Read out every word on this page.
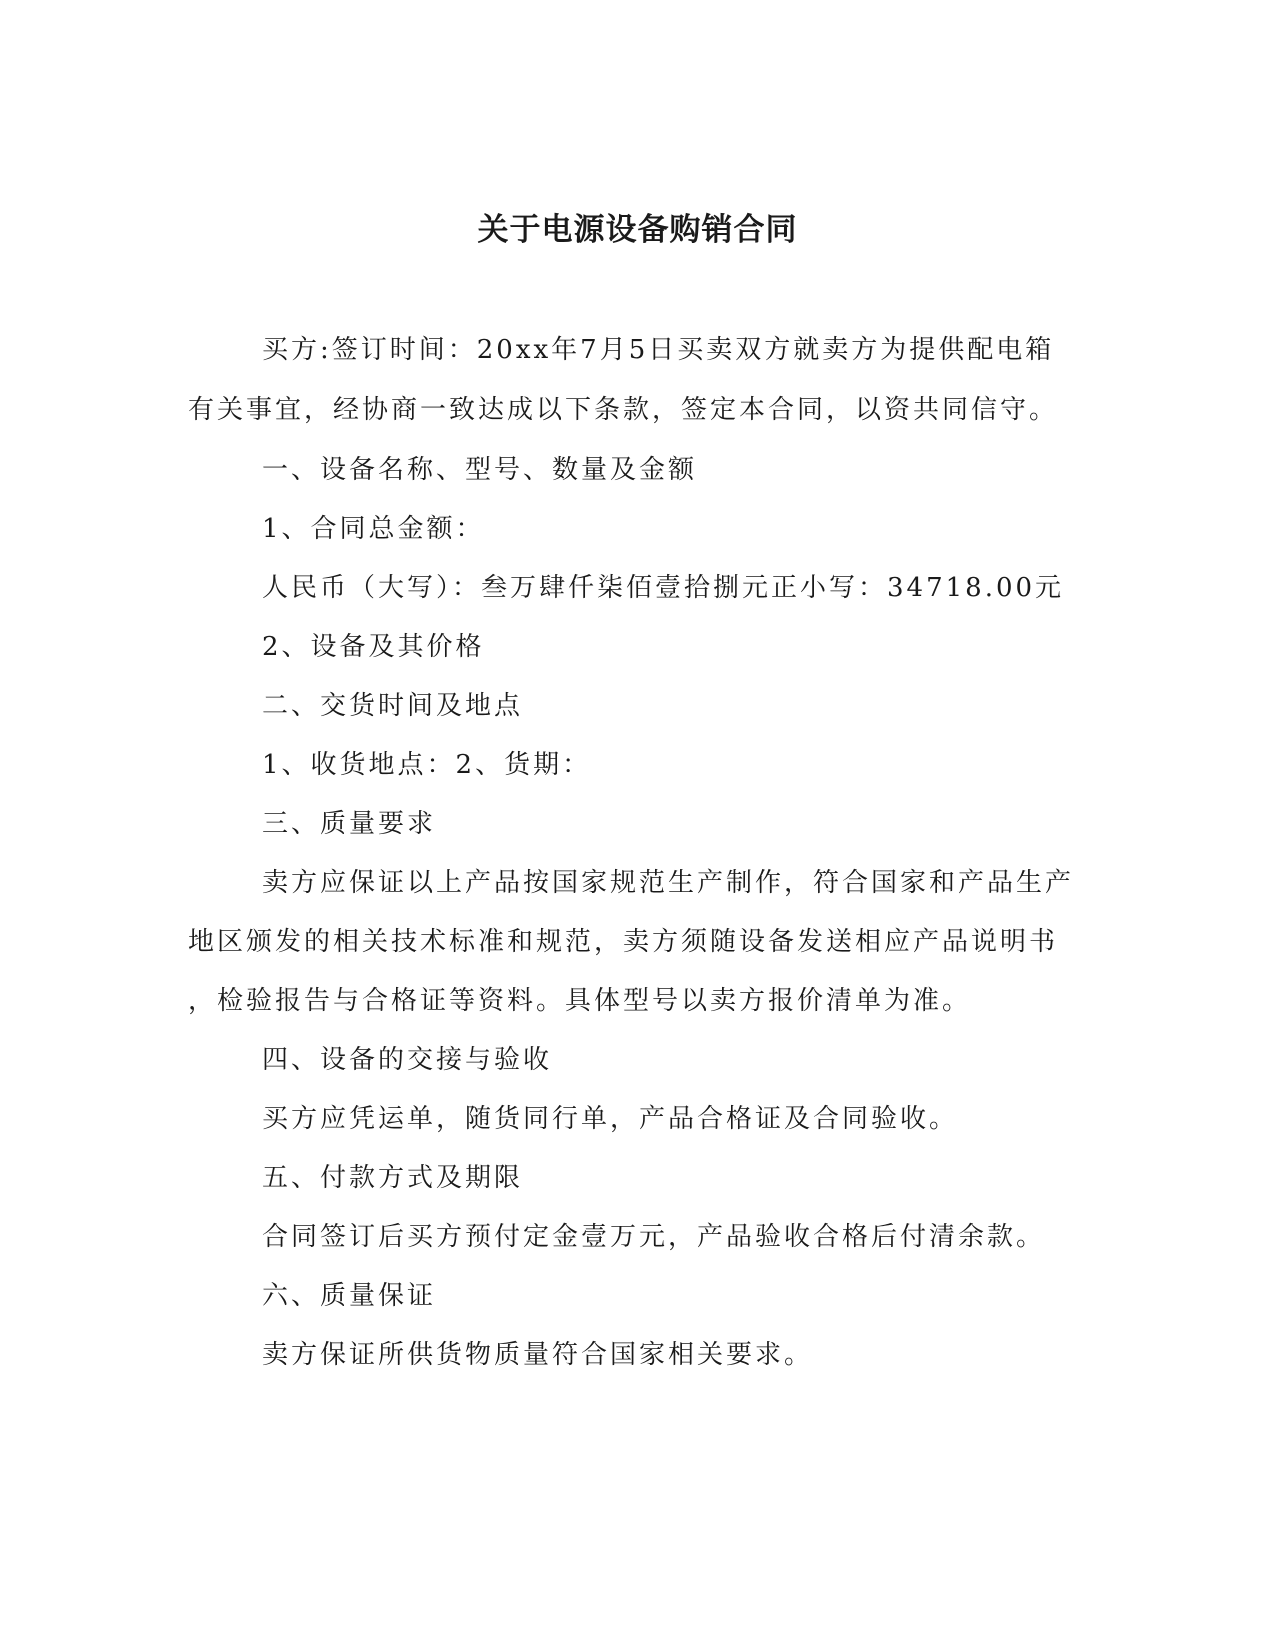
关于电源设备购销合同
买方:签订时间：20xx年7月5日买卖双方就卖方为提供配电箱
有关事宜，经协商一致达成以下条款，签定本合同，以资共同信守。
一、设备名称、型号、数量及金额
1、合同总金额：
人民币（大写）：叁万肆仟柒佰壹拾捌元正小写：34718.00元
2、设备及其价格
二、交货时间及地点
1、收货地点：2、货期：
三、质量要求
卖方应保证以上产品按国家规范生产制作，符合国家和产品生产
地区颁发的相关技术标准和规范，卖方须随设备发送相应产品说明书
，检验报告与合格证等资料。具体型号以卖方报价清单为准。
四、设备的交接与验收
买方应凭运单，随货同行单，产品合格证及合同验收。
五、付款方式及期限
合同签订后买方预付定金壹万元，产品验收合格后付清余款。
六、质量保证
卖方保证所供货物质量符合国家相关要求。
